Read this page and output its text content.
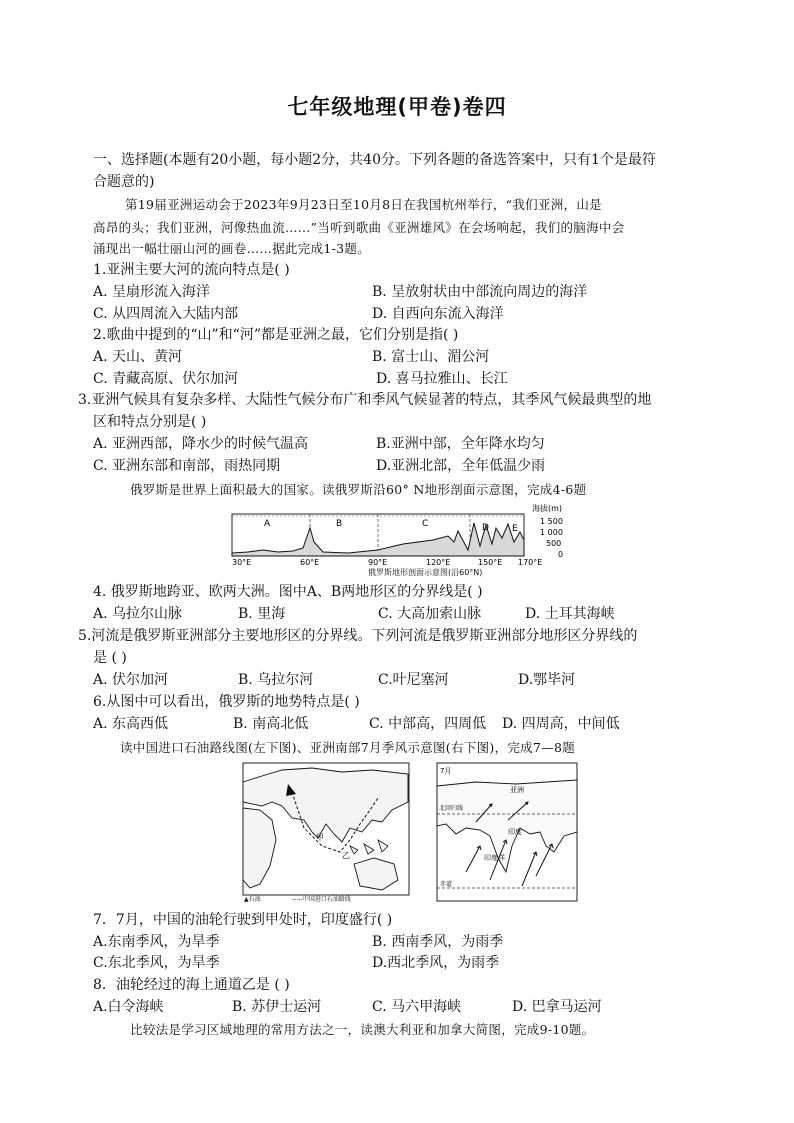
七年级地理(甲卷)卷四
一、选择题(本题有20小题，每小题2分，共40分。下列各题的备选答案中，只有1个是最符
合题意的)
第19届亚洲运动会于2023年9月23日至10月8日在我国杭州举行，“我们亚洲，山是
高昂的头；我们亚洲，河像热血流……”当听到歌曲《亚洲雄风》在会场响起，我们的脑海中会
涌现出一幅壮丽山河的画卷……据此完成1-3题。
1.亚洲主要大河的流向特点是( )
A. 呈扇形流入海洋	B. 呈放射状由中部流向周边的海洋
C. 从四周流入大陆内部	D. 自西向东流入海洋
2.歌曲中提到的“山”和“河”都是亚洲之最，它们分别是指( )
A. 天山、黄河	B. 富士山、湄公河
C. 青藏高原、伏尔加河	D. 喜马拉雅山、长江
3.亚洲气候具有复杂多样、大陆性气候分布广和季风气候显著的特点，其季风气候最典型的地
区和特点分别是( )
A. 亚洲西部，降水少的时候气温高	B.亚洲中部，全年降水均匀
C. 亚洲东部和南部，雨热同期	D.亚洲北部，全年低温少雨
俄罗斯是世界上面积最大的国家。读俄罗斯沿60° N地形剖面示意图，完成4-6题
A	B	C	D	E
海拔(m)
1 500
1 000
500
0
30°E	60°E	90°E	120°E	150°E 170°E
俄罗斯地形剖面示意图(沿60°N)
4. 俄罗斯地跨亚、欧两大洲。图中A、B两地形区的分界线是( )
A. 乌拉尔山脉	B. 里海	C. 大高加索山脉	D. 土耳其海峡
5.河流是俄罗斯亚洲部分主要地形区的分界线。下列河流是俄罗斯亚洲部分地形区分界线的
是 ( )
A. 伏尔加河	B. 乌拉尔河	C.叶尼塞河	D.鄂毕河
6.从图中可以看出，俄罗斯的地势特点是( )
A. 东高西低	B. 南高北低	C. 中部高，四周低 D. 四周高，中间低
读中国进口石油路线图(左下图)、亚洲南部7月季风示意图(右下图)，完成7—8题
甲
乙
▲石油	-----中国进口石油路线
7月
亚洲
北回归线
印度
印度洋
赤道
7．7月，中国的油轮行驶到甲处时，印度盛行( )
A.东南季风，为旱季	B. 西南季风，为雨季
C.东北季风，为旱季	D.西北季风，为雨季
8．油轮经过的海上通道乙是 ( )
A.白令海峡	B. 苏伊士运河	C. 马六甲海峡	D. 巴拿马运河
比较法是学习区域地理的常用方法之一，读澳大利亚和加拿大简图，完成9-10题。
